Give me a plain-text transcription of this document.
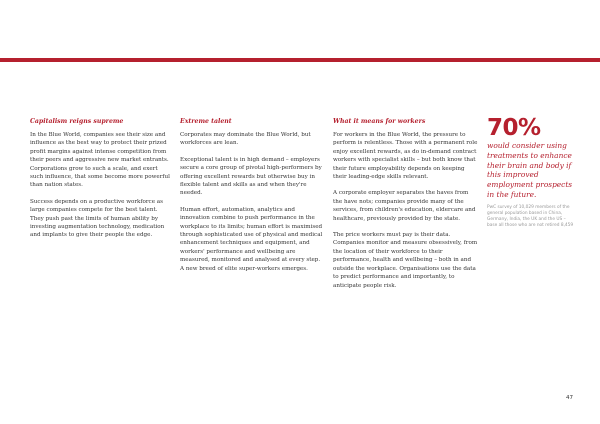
Capitalism reigns supreme

In the Blue World, companies see their size and influence as the best way to protect their prized profit margins against intense competition from their peers and aggressive new market entrants. Corporations grow to such a scale, and exert such influence, that some become more powerful than nation states.

Success depends on a productive workforce as large companies compete for the best talent. They push past the limits of human ability by investing augmentation technology, medication and implants to give their people the edge.

Extreme talent

Corporates may dominate the Blue World, but workforces are lean.

Exceptional talent is in high demand – employers secure a core group of pivotal high-performers by offering excellent rewards but otherwise buy in flexible talent and skills as and when they're needed.

Human effort, automation, analytics and innovation combine to push performance in the workplace to its limits; human effort is maximised through sophisticated use of physical and medical enhancement techniques and equipment, and workers' performance and wellbeing are measured, monitored and analysed at every step. A new breed of elite super-workers emerges.

What it means for workers

For workers in the Blue World, the pressure to perform is relentless. Those with a permanent role enjoy excellent rewards, as do in-demand contract workers with specialist skills – but both know that their future employability depends on keeping their leading-edge skills relevant.

A corporate employer separates the haves from the have nots; companies provide many of the services, from children's education, eldercare and healthcare, previously provided by the state.

The price workers must pay is their data. Companies monitor and measure obsessively, from the location of their workforce to their performance, health and wellbeing – both in and outside the workplace. Organisations use the data to predict performance and importantly, to anticipate people risk.

70%

would consider using treatments to enhance their brain and body if this improved employment prospects in the future.

PwC survey of 10,029 members of the general population based in China, Germany, India, the UK and the US – base all those who are not retired 8,459

47
